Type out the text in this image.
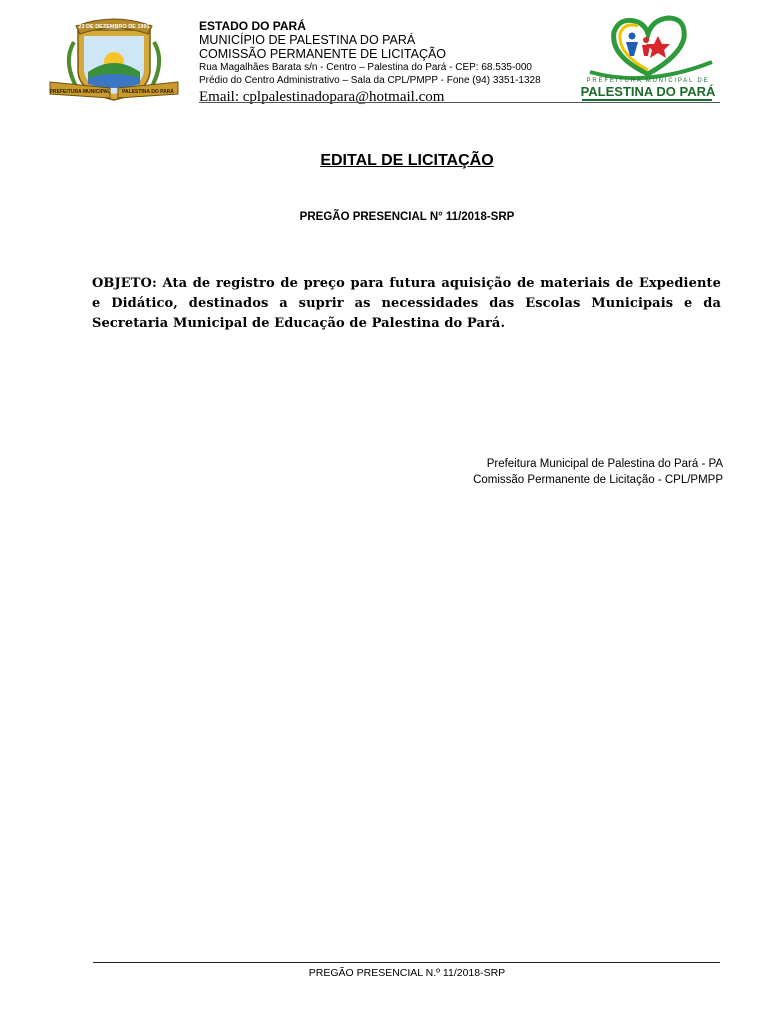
23 DE DEZEMBRO DE 1991
PREFEITURA MUNICIPAL PALESTINA DO PARÁ
ESTADO DO PARÁ
MUNICÍPIO DE PALESTINA DO PARÁ
COMISSÃO PERMANENTE DE LICITAÇÃO
Rua Magalhães Barata s/n - Centro – Palestina do Pará - CEP: 68.535-000
Prédio do Centro Administrativo – Sala da CPL/PMPP - Fone (94) 3351-1328
Email: cplpalestinadopara@hotmail.com
PREFEITURA MUNICIPAL DE
PALESTINA DO PARÁ
EDITAL DE LICITAÇÃO
PREGÃO PRESENCIAL N° 11/2018-SRP
OBJETO: Ata de registro de preço para futura aquisição de materiais de Expediente e Didático, destinados a suprir as necessidades das Escolas Municipais e da Secretaria Municipal de Educação de Palestina do Pará.
Prefeitura Municipal de Palestina do Pará - PA
Comissão Permanente de Licitação - CPL/PMPP
PREGÃO PRESENCIAL N.º 11/2018-SRP
